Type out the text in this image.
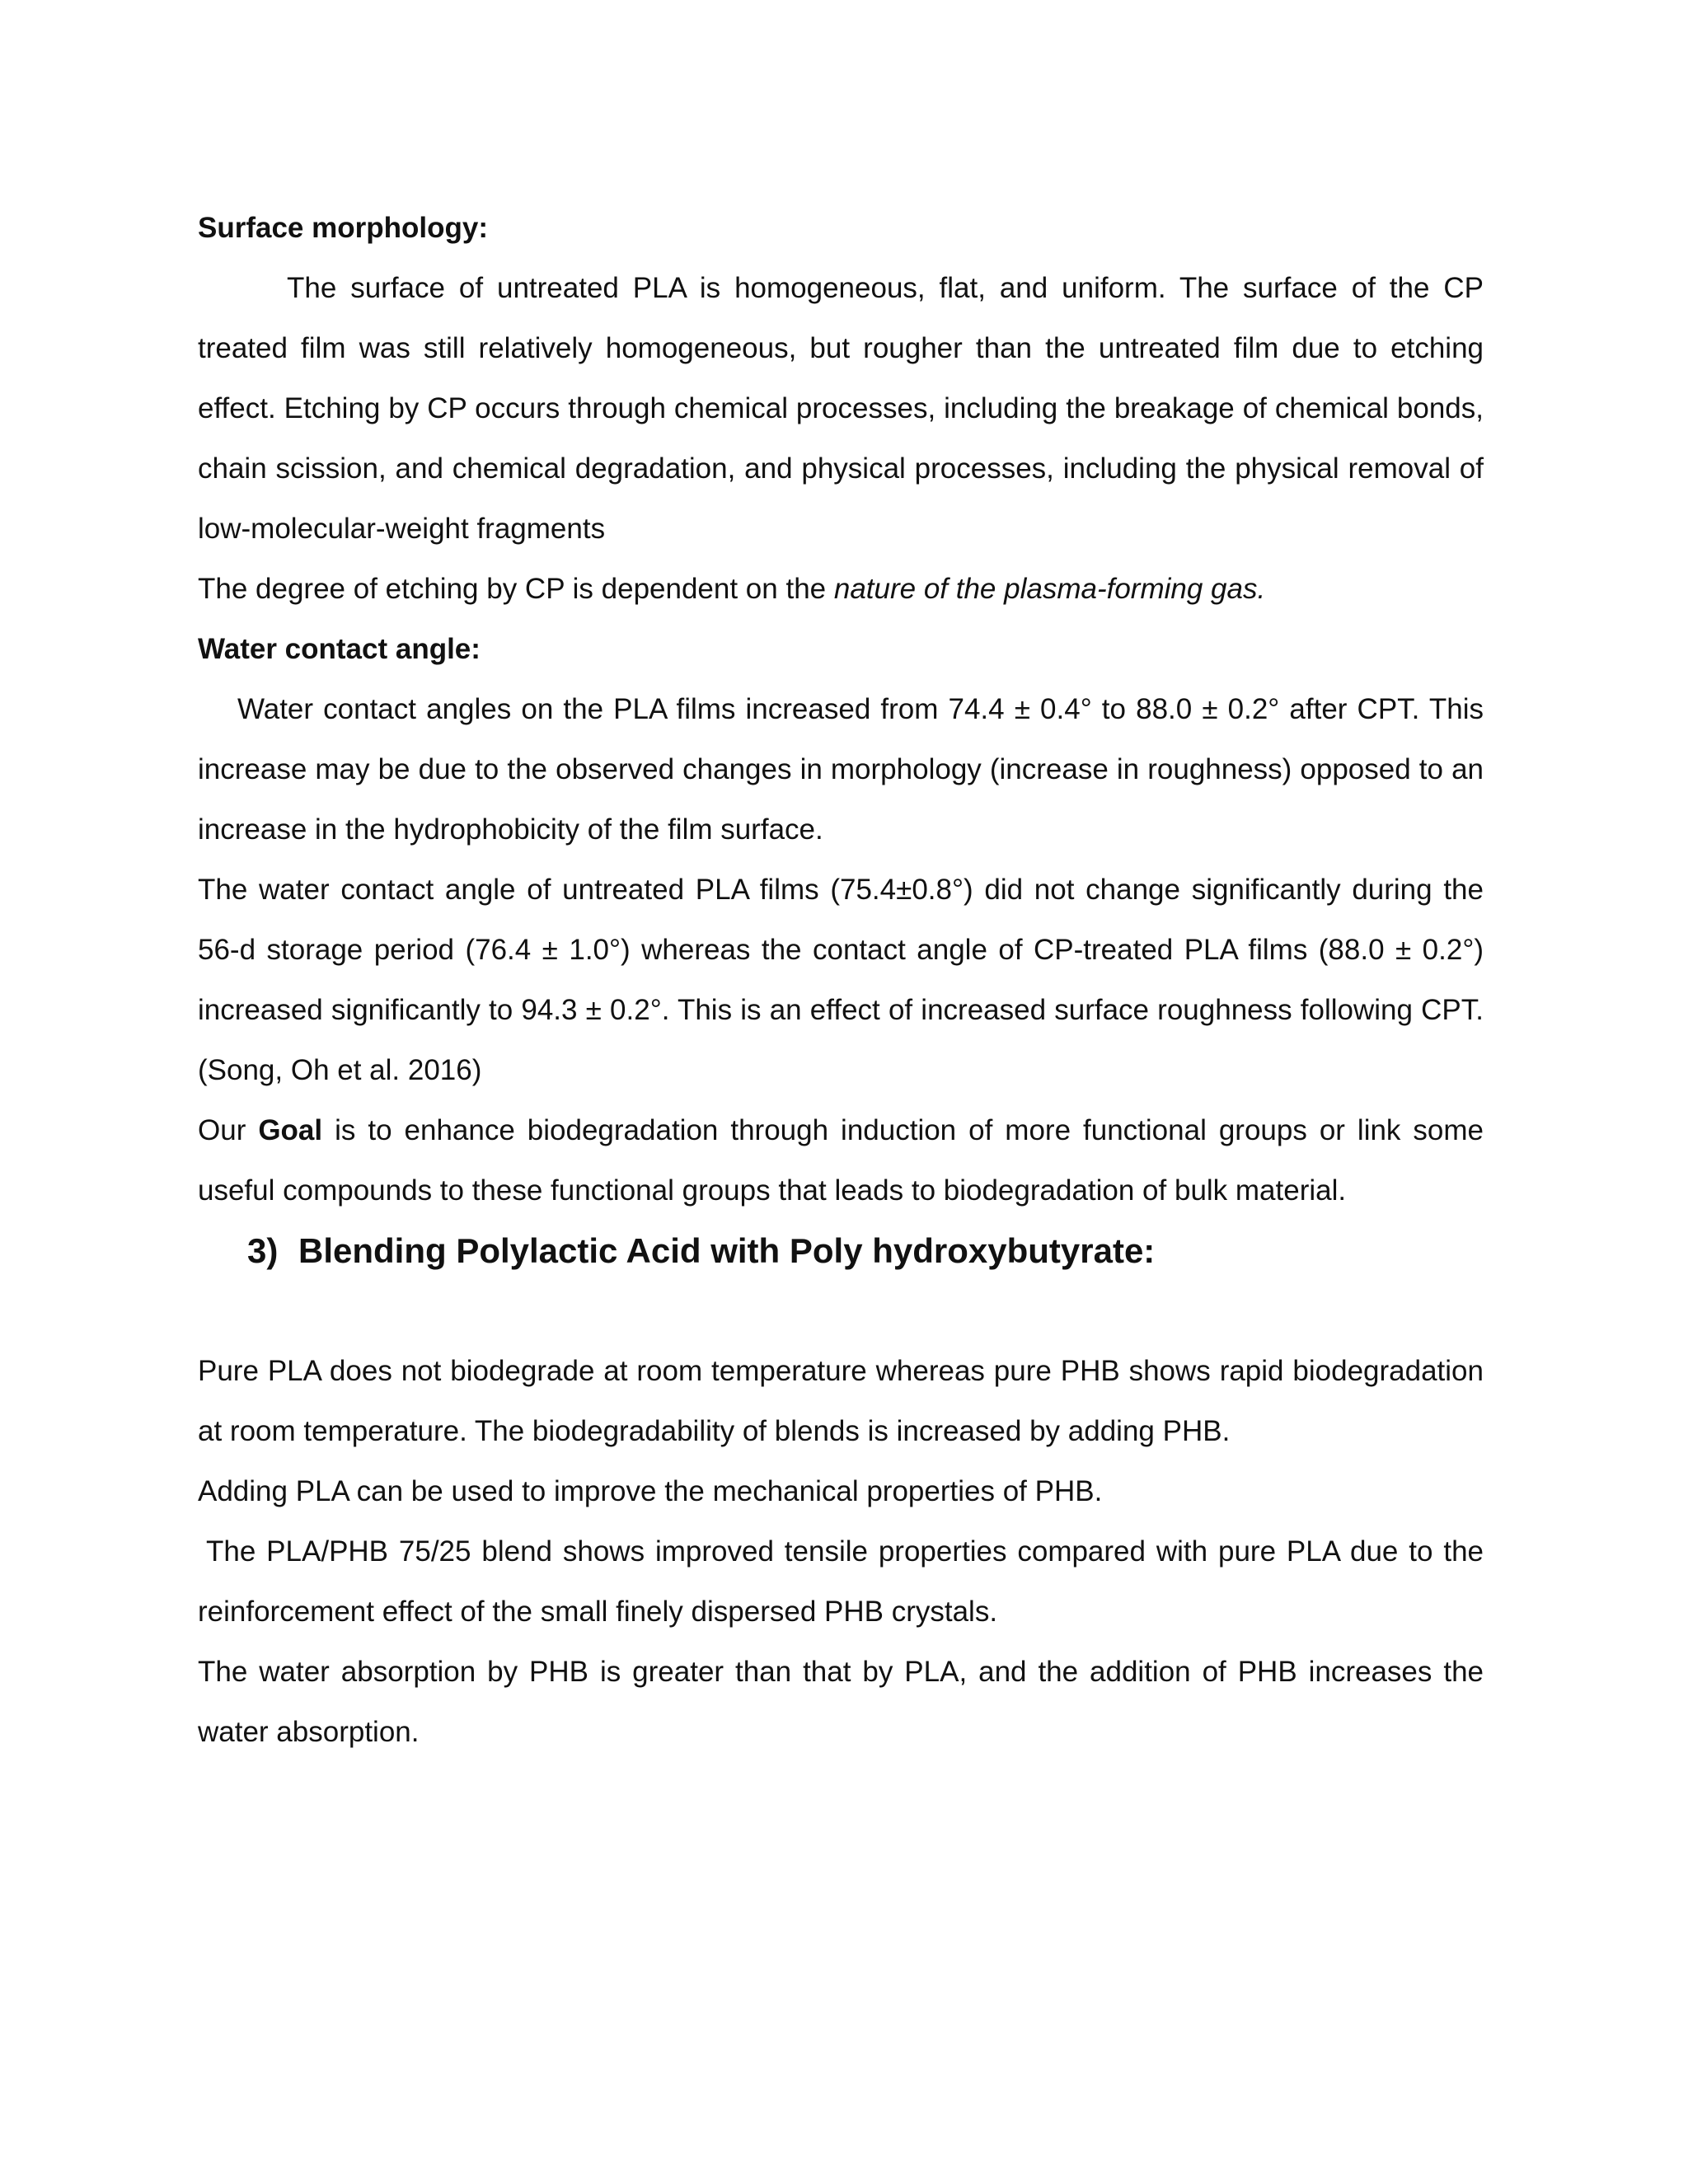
Surface morphology:

The surface of untreated PLA is homogeneous, flat, and uniform. The surface of the CP treated film was still relatively homogeneous, but rougher than the untreated film due to etching effect. Etching by CP occurs through chemical processes, including the breakage of chemical bonds, chain scission, and chemical degradation, and physical processes, including the physical removal of low-molecular-weight fragments

The degree of etching by CP is dependent on the nature of the plasma-forming gas.

Water contact angle:

Water contact angles on the PLA films increased from 74.4 ± 0.4° to 88.0 ± 0.2° after CPT. This increase may be due to the observed changes in morphology (increase in roughness) opposed to an increase in the hydrophobicity of the film surface.

The water contact angle of untreated PLA films (75.4±0.8°) did not change significantly during the 56-d storage period (76.4 ± 1.0°) whereas the contact angle of CP-treated PLA films (88.0 ± 0.2°) increased significantly to 94.3 ± 0.2°. This is an effect of increased surface roughness following CPT. (Song, Oh et al. 2016)

Our Goal is to enhance biodegradation through induction of more functional groups or link some useful compounds to these functional groups that leads to biodegradation of bulk material.

3) Blending Polylactic Acid with Poly hydroxybutyrate:

Pure PLA does not biodegrade at room temperature whereas pure PHB shows rapid biodegradation at room temperature. The biodegradability of blends is increased by adding PHB.

Adding PLA can be used to improve the mechanical properties of PHB.

The PLA/PHB 75/25 blend shows improved tensile properties compared with pure PLA due to the reinforcement effect of the small finely dispersed PHB crystals.

The water absorption by PHB is greater than that by PLA, and the addition of PHB increases the water absorption.
